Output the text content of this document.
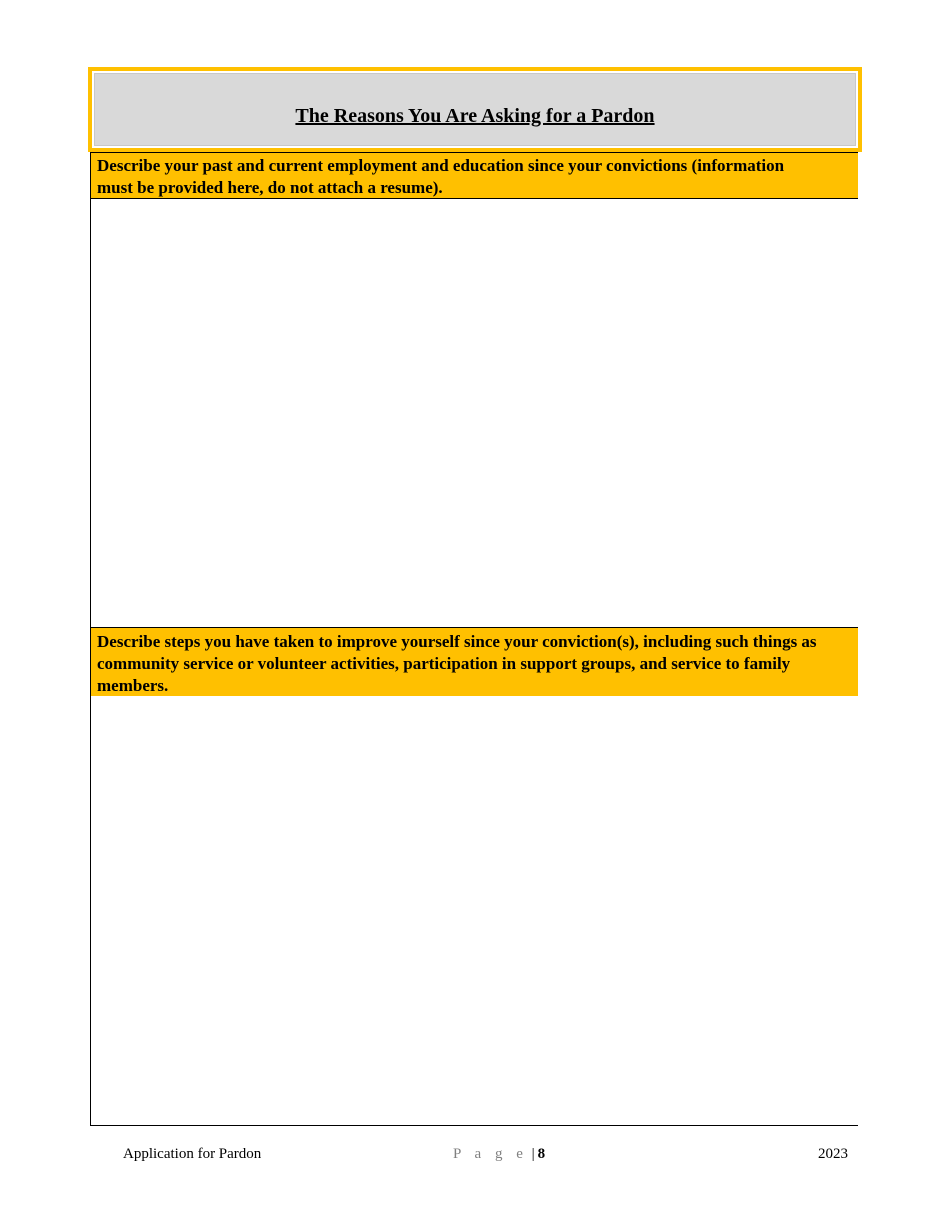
The Reasons You Are Asking for a Pardon
Describe your past and current employment and education since your convictions (information
must be provided here, do not attach a resume).
Describe steps you have taken to improve yourself since your conviction(s), including such things as
community service or volunteer activities, participation in support groups, and service to family
members.
Application for Pardon	P a g e | 8	2023
